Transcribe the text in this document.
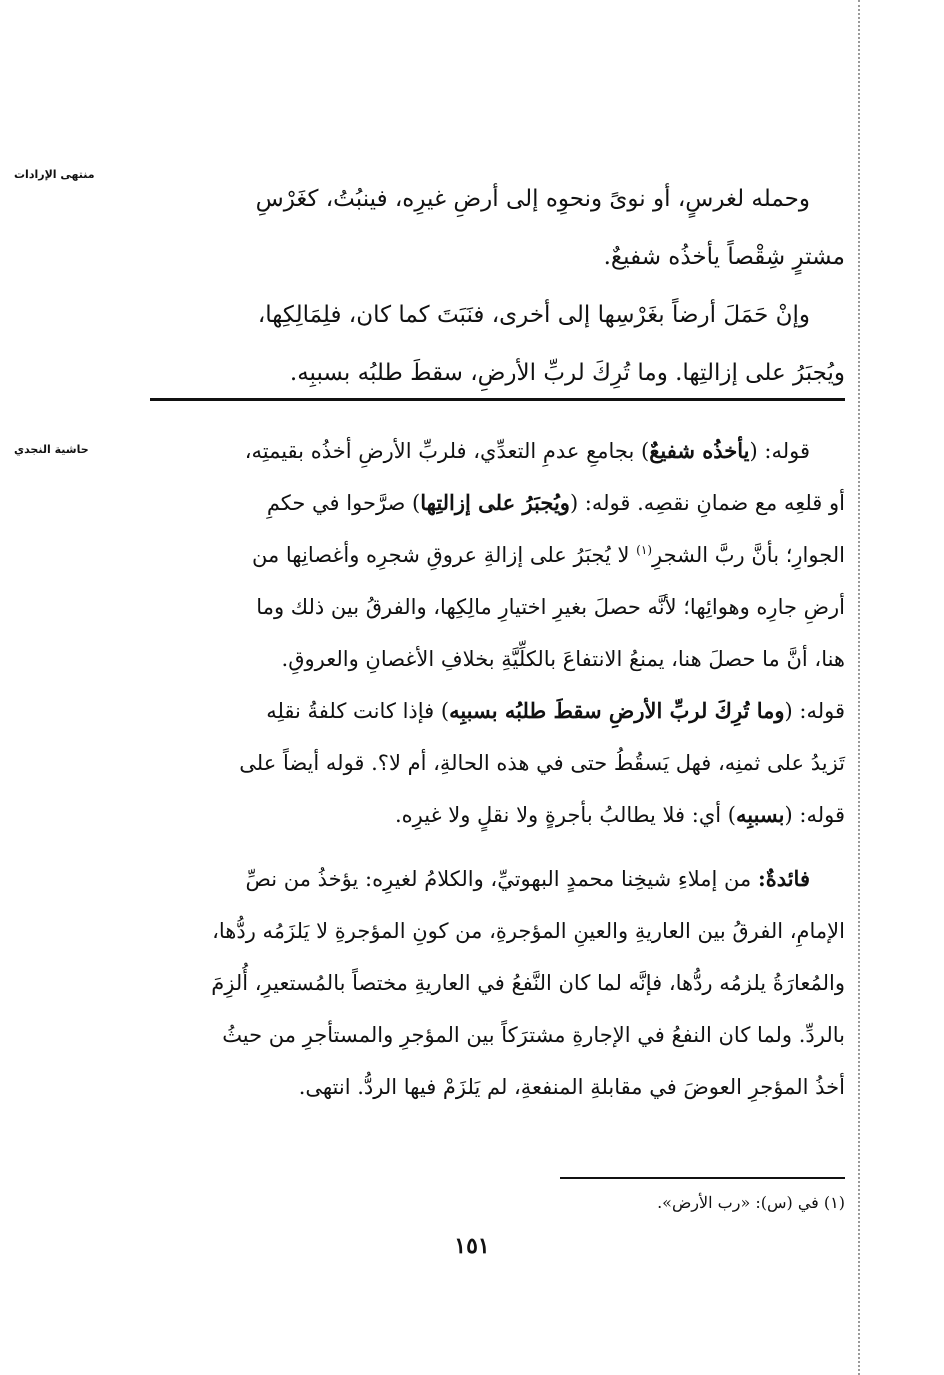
منتهى الإرادات
حاشية النجدي

وحمله لغرسٍ، أو نوىً ونحوِه إلى أرضِ غيرِه، فينبُتُ، كغَرْسِ

مشترٍ شِقْصاً يأخذُه شفيعٌ.

وإنْ حَمَلَ أرضاً بغَرْسِها إلى أخرى، فنَبَتَ كما كان، فلِمَالِكِها،

ويُجبَرُ على إزالتِها. وما تُرِكَ لربِّ الأرضِ، سقطَ طلبُه بسببِه.

قوله: (يأخذُه شفيعٌ) بجامعِ عدمِ التعدِّي، فلربِّ الأرضِ أخذُه بقيمتِه،

أو قلعِه مع ضمانِ نقصِه. قوله: (ويُجبَرُ على إزالتِها) صرَّحوا في حكمِ

الجوارِ؛ بأنَّ ربَّ الشجرِ$^{(١)}$ لا يُجبَرُ على إزالةِ عروقِ شجرِه وأغصانِها من

أرضِ جارِه وهوائِها؛ لأنَّه حصلَ بغيرِ اختيارِ مالِكِها، والفرقُ بين ذلك وما

هنا، أنَّ ما حصلَ هنا، يمنعُ الانتفاعَ بالكلِّيَّةِ بخلافِ الأغصانِ والعروقِ.

قوله: (وما تُرِكَ لربِّ الأرضِ سقطَ طلبُه بسببِه) فإذا كانت كلفةُ نقلِه

تَزيدُ على ثمنِه، فهل يَسقُطُ حتى في هذه الحالةِ، أم لا؟. قوله أيضاً على

قوله: (بسببِه) أي: فلا يطالبُ بأجرةٍ ولا نقلٍ ولا غيرِه.

فائدةٌ: من إملاءِ شيخِنا محمدٍ البهوتيِّ، والكلامُ لغيرِه: يؤخذُ من نصِّ

الإمامِ، الفرقُ بين العاريةِ والعينِ المؤجرةِ، من كونِ المؤجرةِ لا يَلزَمُه ردُّها،

والمُعارَةُ يلزمُه ردُّها، فإنَّه لما كان النَّفعُ في العاريةِ مختصاً بالمُستعيرِ، أُلزِمَ

بالردِّ. ولما كان النفعُ في الإجارةِ مشترَكاً بين المؤجرِ والمستأجرِ من حيثُ

أخذُ المؤجرِ العوضَ في مقابلةِ المنفعةِ، لم يَلزَمْ فيها الردُّ. انتهى.

(١) في (س): «رب الأرض».
١٥١
